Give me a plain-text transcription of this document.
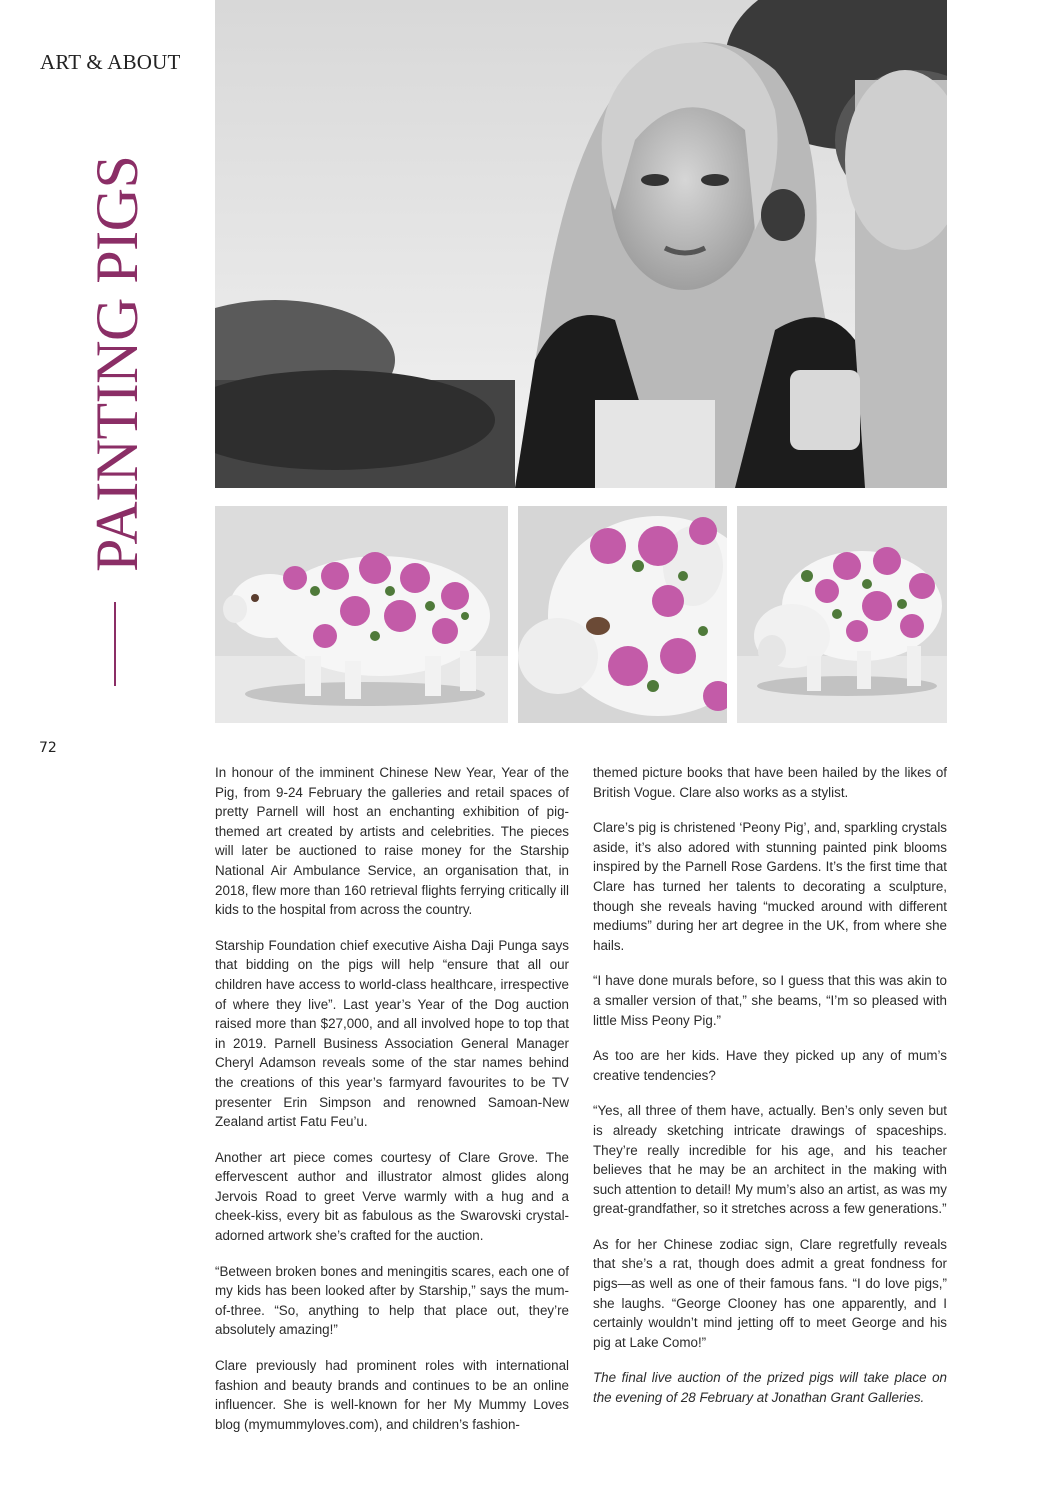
ART & ABOUT
PAINTING PIGS
72

In honour of the imminent Chinese New Year, Year of the Pig, from 9-24 February the galleries and retail spaces of pretty Parnell will host an enchanting exhibition of pig-themed art created by artists and celebrities. The pieces will later be auctioned to raise money for the Starship National Air Ambulance Service, an organisation that, in 2018, flew more than 160 retrieval flights ferrying critically ill kids to the hospital from across the country.

Starship Foundation chief executive Aisha Daji Punga says that bidding on the pigs will help “ensure that all our children have access to world-class healthcare, irrespective of where they live”. Last year’s Year of the Dog auction raised more than $27,000, and all involved hope to top that in 2019. Parnell Business Association General Manager Cheryl Adamson reveals some of the star names behind the creations of this year’s farmyard favourites to be TV presenter Erin Simpson and renowned Samoan-New Zealand artist Fatu Feu’u.

Another art piece comes courtesy of Clare Grove. The effervescent author and illustrator almost glides along Jervois Road to greet Verve warmly with a hug and a cheek-kiss, every bit as fabulous as the Swarovski crystal-adorned artwork she’s crafted for the auction.

“Between broken bones and meningitis scares, each one of my kids has been looked after by Starship,” says the mum-of-three. “So, anything to help that place out, they’re absolutely amazing!”

Clare previously had prominent roles with international fashion and beauty brands and continues to be an online influencer. She is well-known for her My Mummy Loves blog (mymummyloves.com), and children’s fashion-

themed picture books that have been hailed by the likes of British Vogue. Clare also works as a stylist.

Clare’s pig is christened ‘Peony Pig’, and, sparkling crystals aside, it’s also adored with stunning painted pink blooms inspired by the Parnell Rose Gardens. It’s the first time that Clare has turned her talents to decorating a sculpture, though she reveals having “mucked around with different mediums” during her art degree in the UK, from where she hails.

“I have done murals before, so I guess that this was akin to a smaller version of that,” she beams, “I’m so pleased with little Miss Peony Pig.”

As too are her kids. Have they picked up any of mum’s creative tendencies?

“Yes, all three of them have, actually. Ben’s only seven but is already sketching intricate drawings of spaceships. They’re really incredible for his age, and his teacher believes that he may be an architect in the making with such attention to detail! My mum’s also an artist, as was my great-grandfather, so it stretches across a few generations.”

As for her Chinese zodiac sign, Clare regretfully reveals that she’s a rat, though does admit a great fondness for pigs—as well as one of their famous fans. “I do love pigs,” she laughs. “George Clooney has one apparently, and I certainly wouldn’t mind jetting off to meet George and his pig at Lake Como!”

The final live auction of the prized pigs will take place on the evening of 28 February at Jonathan Grant Galleries.
